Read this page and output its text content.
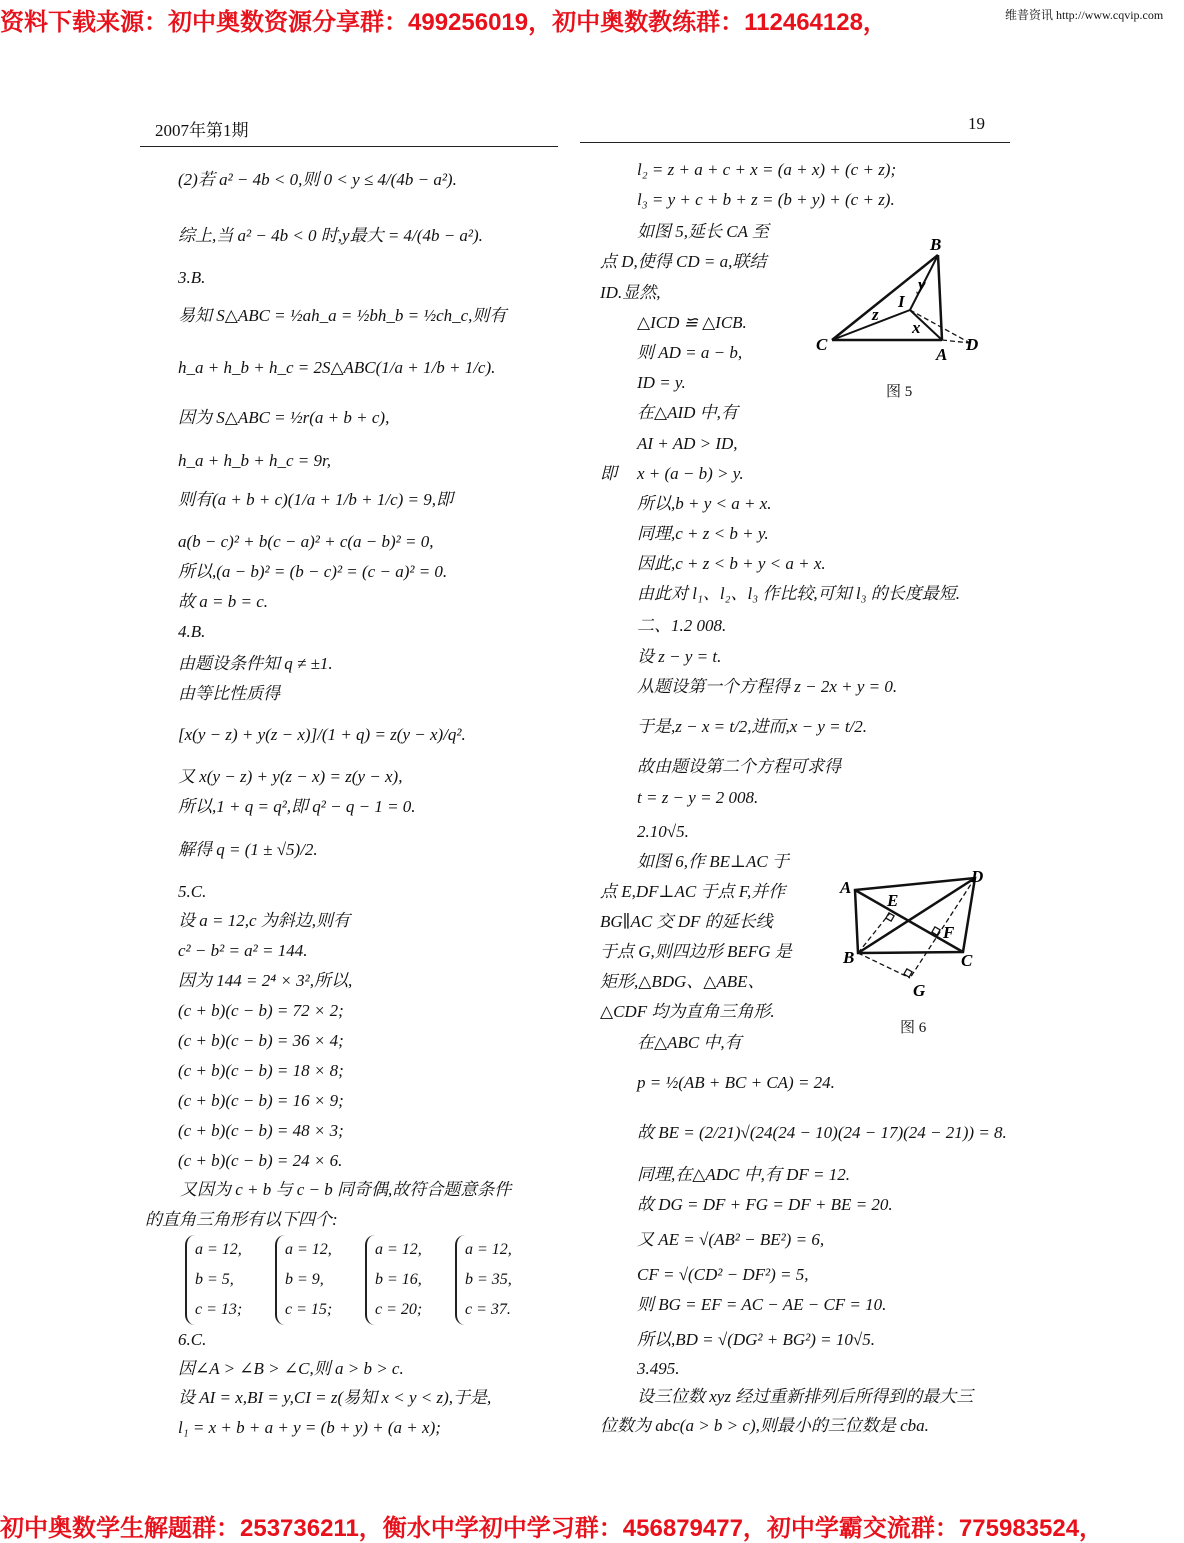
资料下载来源：初中奥数资源分享群：499256019，初中奥数教练群：112464128，	维普资讯 http://www.cqvip.com
2007年第1期	19
(2)若 a² − 4b < 0,则 0 < y ≤ 4/(4b − a²).
综上,当 a² − 4b < 0 时,y最大 = 4/(4b − a²).
3.B.
易知 S△ABC = ½ah_a = ½bh_b = ½ch_c,则有
h_a + h_b + h_c = 2S△ABC(1/a + 1/b + 1/c).
因为 S△ABC = ½r(a + b + c),
h_a + h_b + h_c = 9r,
则有(a + b + c)(1/a + 1/b + 1/c) = 9,即
a(b − c)² + b(c − a)² + c(a − b)² = 0,
所以,(a − b)² = (b − c)² = (c − a)² = 0.
故 a = b = c.
4.B.
由题设条件知 q ≠ ±1.
由等比性质得
[x(y − z) + y(z − x)]/(1 + q) = z(y − x)/q².
又 x(y − z) + y(z − x) = z(y − x),
所以,1 + q = q²,即 q² − q − 1 = 0.
解得 q = (1 ± √5)/2.
5.C.
设 a = 12,c 为斜边,则有
c² − b² = a² = 144.
因为 144 = 2⁴ × 3²,所以,
(c + b)(c − b) = 72 × 2;
(c + b)(c − b) = 36 × 4;
(c + b)(c − b) = 18 × 8;
(c + b)(c − b) = 16 × 9;
(c + b)(c − b) = 48 × 3;
(c + b)(c − b) = 24 × 6.
又因为 c + b 与 c − b 同奇偶,故符合题意条件
的直角三角形有以下四个:
6.C.
因∠A > ∠B > ∠C,则 a > b > c.
设 AI = x,BI = y,CI = z(易知 x < y < z),于是,
l₁ = x + b + a + y = (b + y) + (a + x);
a = 12,
b = 5,
c = 13;
a = 12,
b = 9,
c = 15;
a = 12,
b = 16,
c = 20;
a = 12,
b = 35,
c = 37.
l₂ = z + a + c + x = (a + x) + (c + z);
l₃ = y + c + b + z = (b + y) + (c + z).
如图 5,延长 CA 至
点 D,使得 CD = a,联结
ID.显然,
△ICD ≌ △ICB.
则 AD = a − b,
ID = y.
在△AID 中,有
AI + AD > ID,
即 x + (a − b) > y.
所以,b + y < a + x.
同理,c + z < b + y.
因此,c + z < b + y < a + x.
由此对 l₁、l₂、l₃ 作比较,可知 l₃ 的长度最短.
二、1.2 008.
设 z − y = t.
从题设第一个方程得 z − 2x + y = 0.
于是,z − x = t/2,进而,x − y = t/2.
故由题设第二个方程可求得
t = z − y = 2 008.
2.10√5.
如图 6,作 BE⊥AC 于
点 E,DF⊥AC 于点 F,并作
BG∥AC 交 DF 的延长线
于点 G,则四边形 BEFG 是
矩形,△BDG、△ABE、
△CDF 均为直角三角形.
在△ABC 中,有
p = ½(AB + BC + CA) = 24.
故 BE = (2/21)√(24(24 − 10)(24 − 17)(24 − 21)) = 8.
同理,在△ADC 中,有 DF = 12.
故 DG = DF + FG = DF + BE = 20.
又 AE = √(AB² − BE²) = 6,
CF = √(CD² − DF²) = 5,
则 BG = EF = AC − AE − CF = 10.
所以,BD = √(DG² + BG²) = 10√5.
3.495.
设三位数 xyz 经过重新排列后所得到的最大三
位数为 abc(a > b > c),则最小的三位数是 cba.
B
I
y
z
x
C
A
D
图 5
A
E
D
F
B	C
G
图 6
初中奥数学生解题群：253736211，衡水中学初中学习群：456879477，初中学霸交流群：775983524，
